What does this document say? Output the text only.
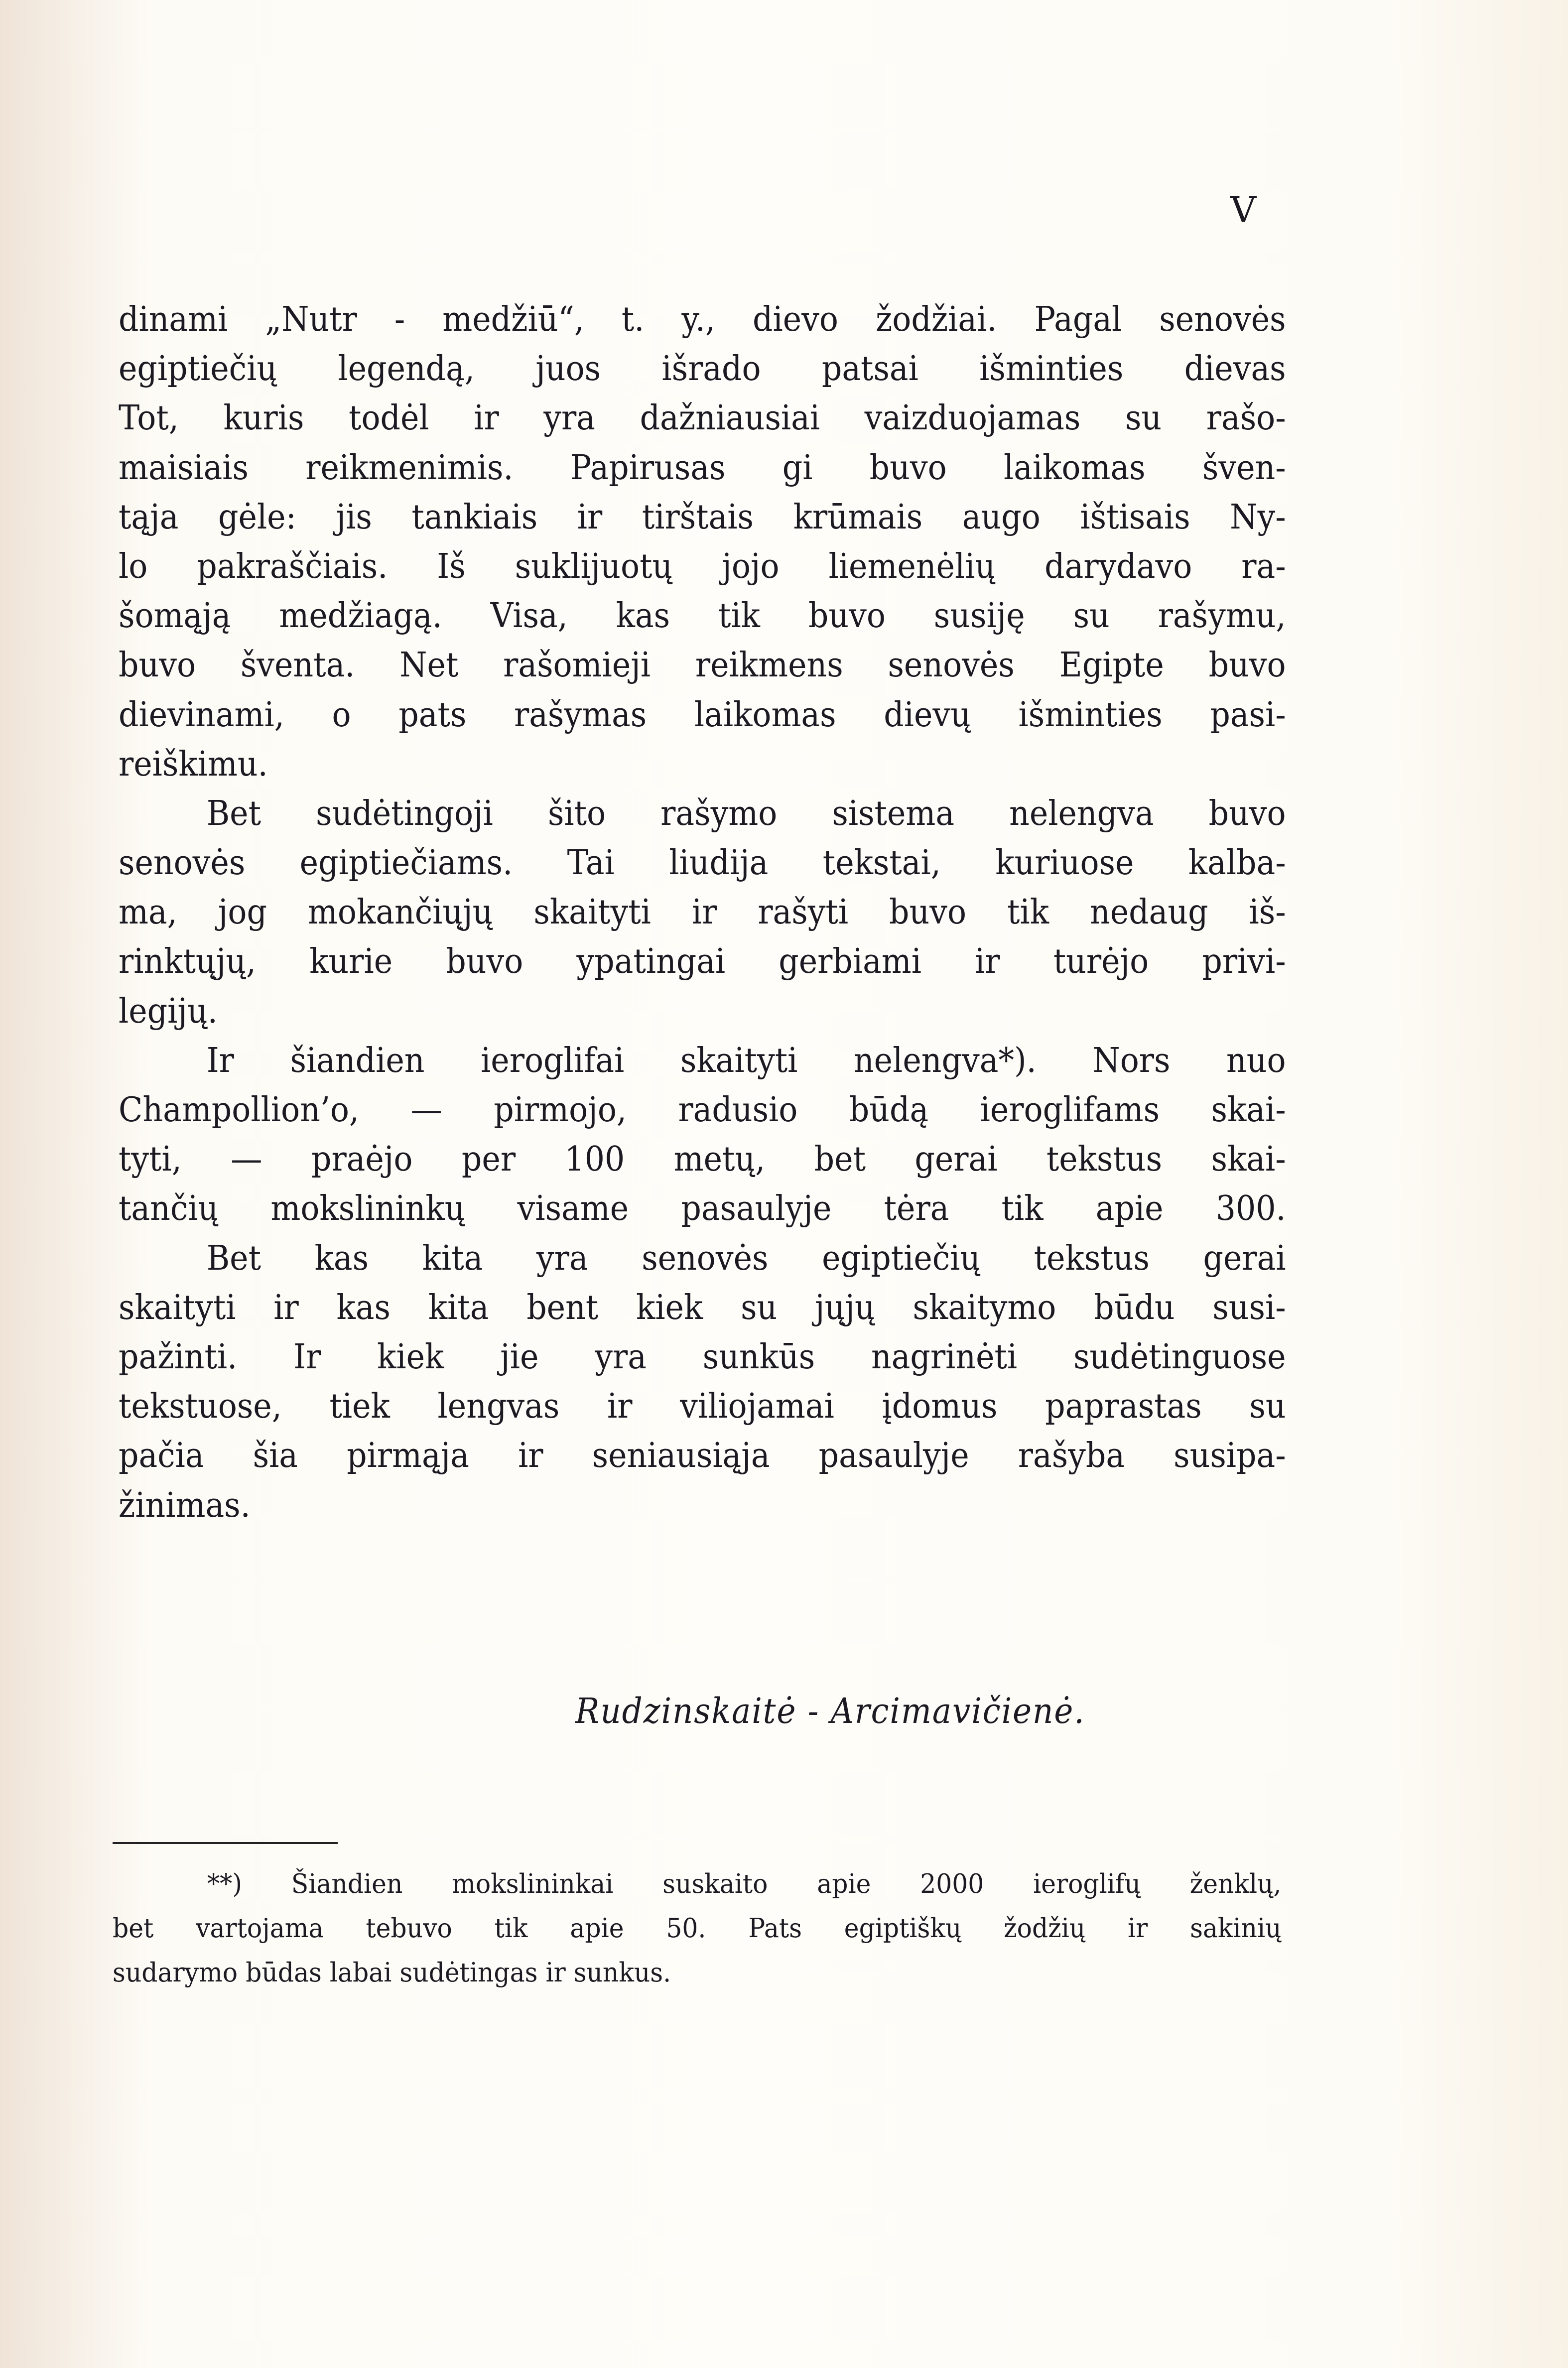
V
dinami „Nutr - medžiū“, t. y., dievo žodžiai. Pagal senovės
egiptiečių legendą, juos išrado patsai išminties dievas
Tot, kuris todėl ir yra dažniausiai vaizduojamas su rašo-
maisiais reikmenimis. Papirusas gi buvo laikomas šven-
tąja gėle: jis tankiais ir tirštais krūmais augo ištisais Ny-
lo pakraščiais. Iš suklijuotų jojo liemenėlių darydavo ra-
šomąją medžiagą. Visa, kas tik buvo susiję su rašymu,
buvo šventa. Net rašomieji reikmens senovės Egipte buvo
dievinami, o pats rašymas laikomas dievų išminties pasi-
reiškimu.
Bet sudėtingoji šito rašymo sistema nelengva buvo
senovės egiptiečiams. Tai liudija tekstai, kuriuose kalba-
ma, jog mokančiųjų skaityti ir rašyti buvo tik nedaug iš-
rinktųjų, kurie buvo ypatingai gerbiami ir turėjo privi-
legijų.
Ir šiandien ieroglifai skaityti nelengva*). Nors nuo
Champollion’o, — pirmojo, radusio būdą ieroglifams skai-
tyti, — praėjo per 100 metų, bet gerai tekstus skai-
tančių mokslininkų visame pasaulyje tėra tik apie 300.
Bet kas kita yra senovės egiptiečių tekstus gerai
skaityti ir kas kita bent kiek su jųjų skaitymo būdu susi-
pažinti. Ir kiek jie yra sunkūs nagrinėti sudėtinguose
tekstuose, tiek lengvas ir viliojamai įdomus paprastas su
pačia šia pirmąja ir seniausiąja pasaulyje rašyba susipa-
žinimas.
Rudzinskaitė - Arcimavičienė.
**) Šiandien mokslininkai suskaito apie 2000 ieroglifų ženklų,
bet vartojama tebuvo tik apie 50. Pats egiptiškų žodžių ir sakinių
sudarymo būdas labai sudėtingas ir sunkus.
